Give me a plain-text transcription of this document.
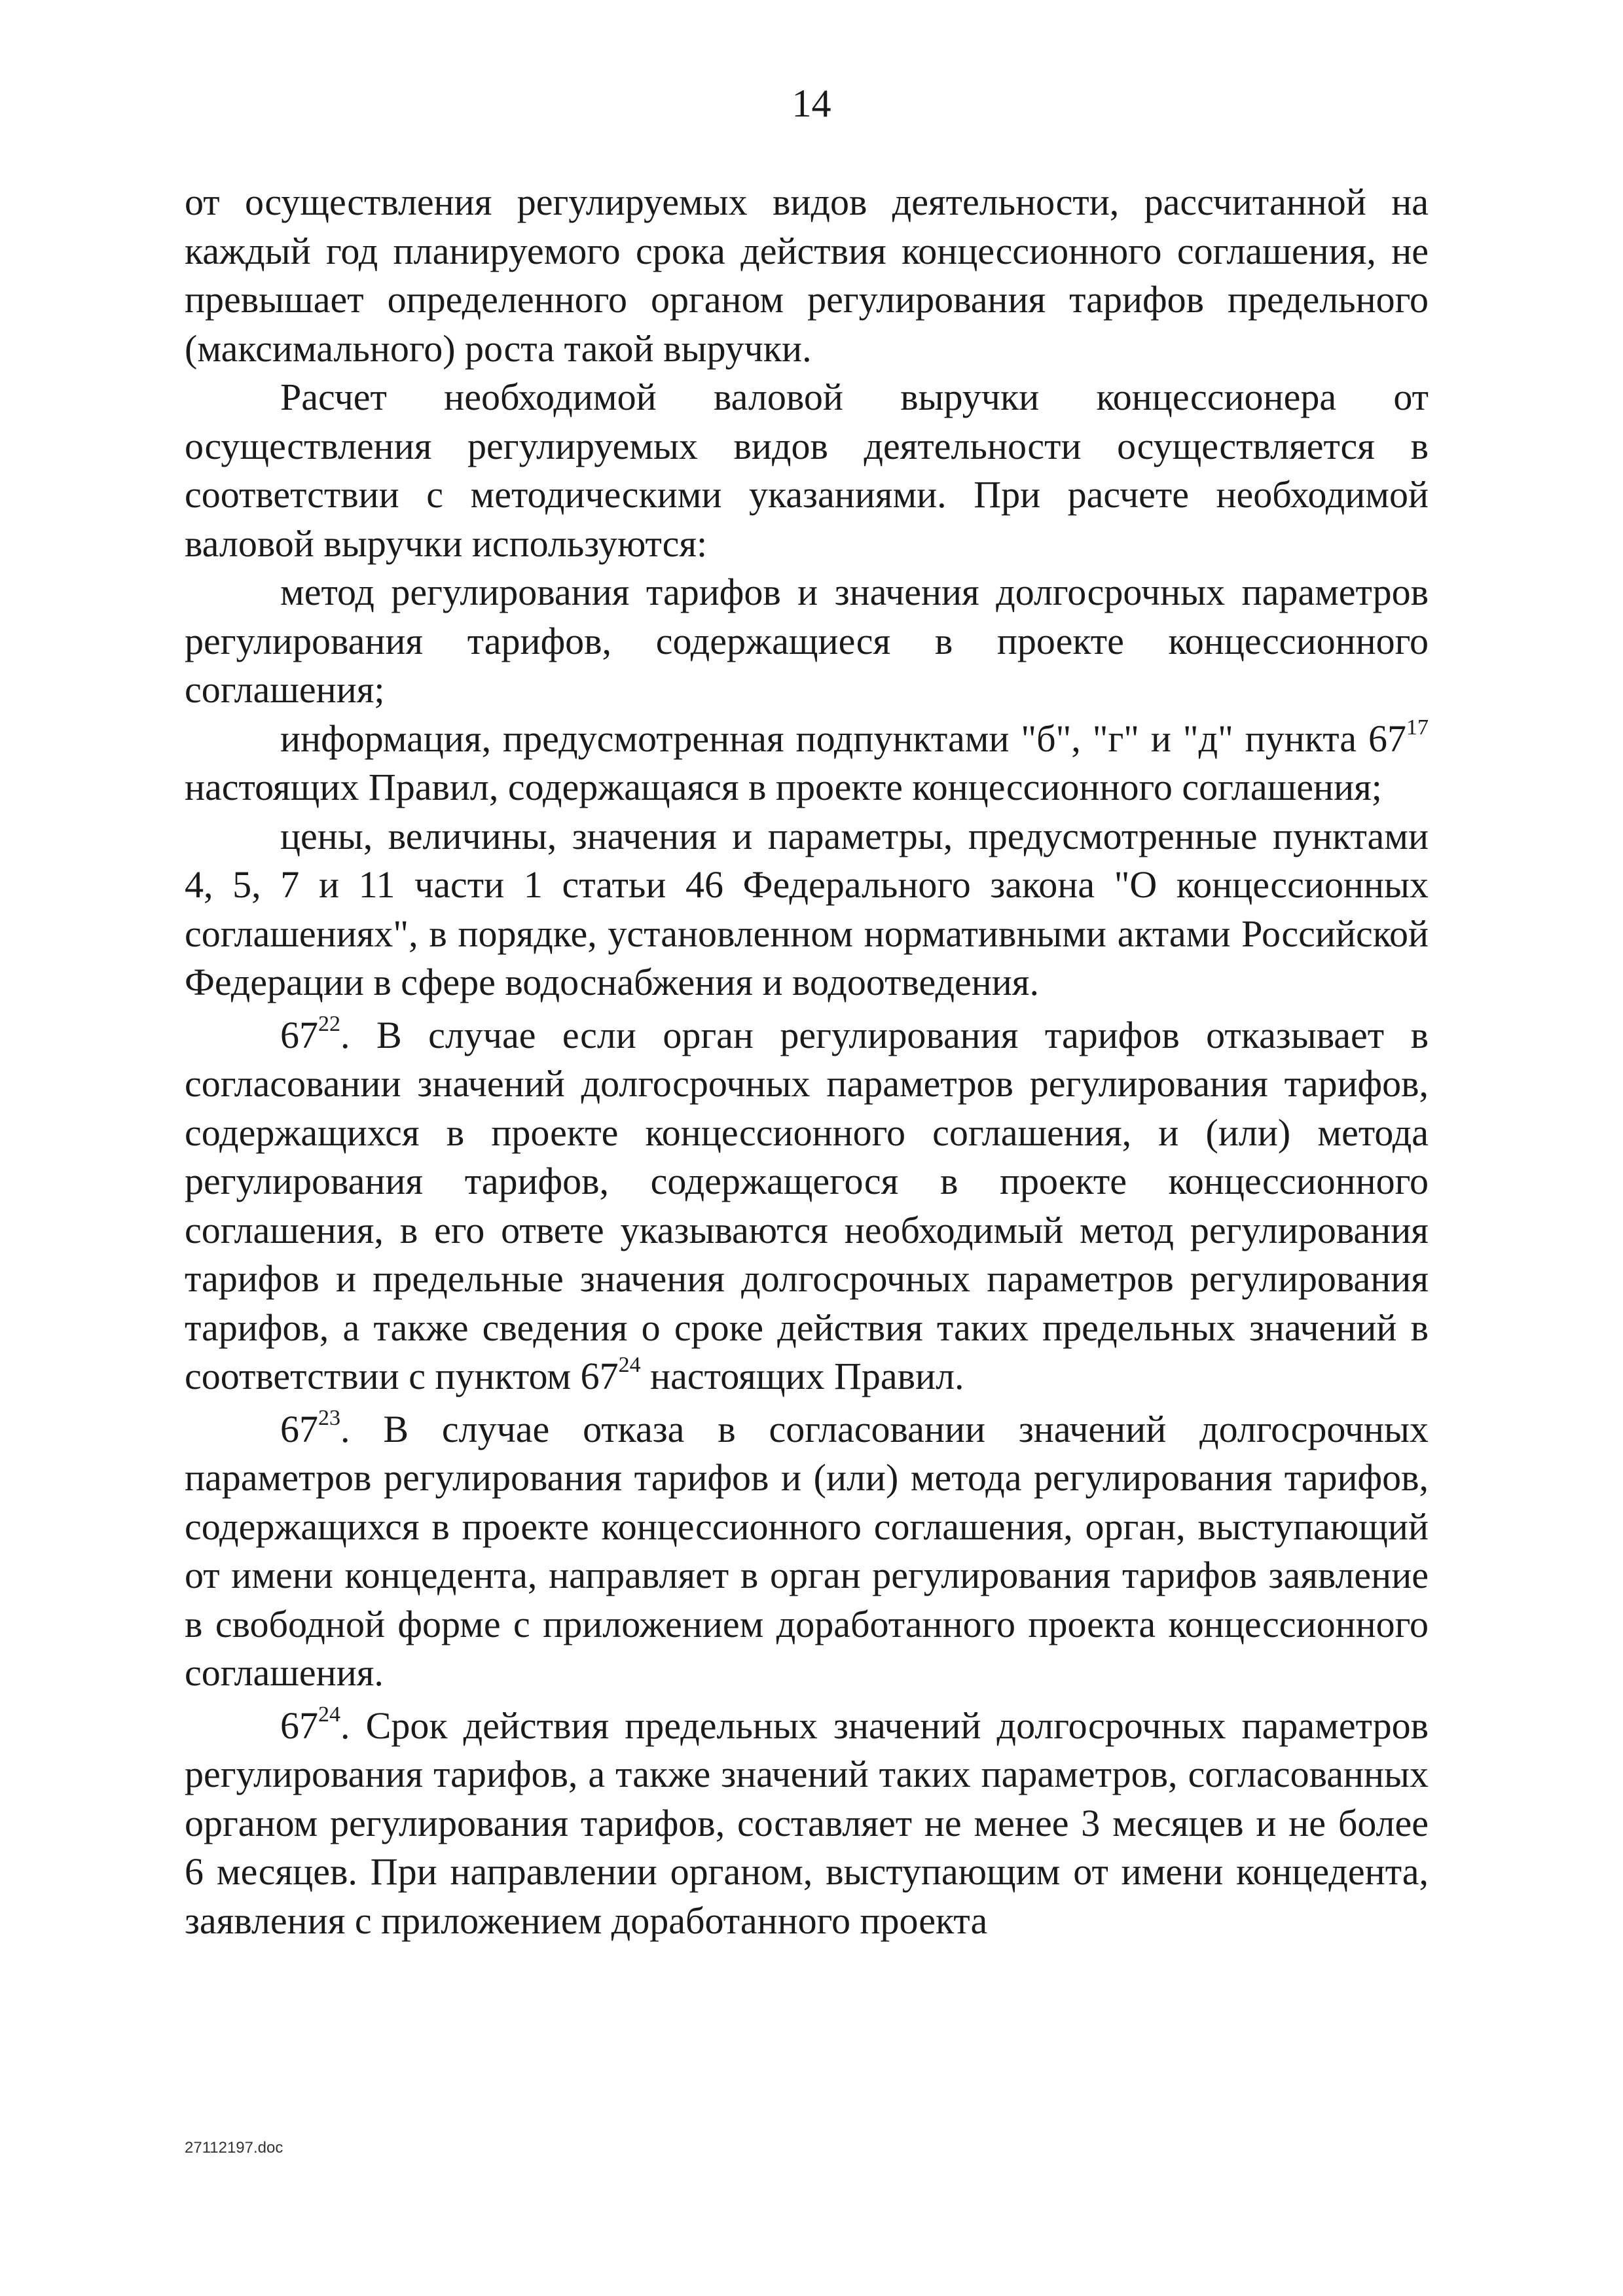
14

от осуществления регулируемых видов деятельности, рассчитанной на каждый год планируемого срока действия концессионного соглашения, не превышает определенного органом регулирования тарифов предельного (максимального) роста такой выручки.

Расчет необходимой валовой выручки концессионера от осуществления регулируемых видов деятельности осуществляется в соответствии с методическими указаниями. При расчете необходимой валовой выручки используются:

метод регулирования тарифов и значения долгосрочных параметров регулирования тарифов, содержащиеся в проекте концессионного соглашения;

информация, предусмотренная подпунктами "б", "г" и "д" пункта $67^{17}$ настоящих Правил, содержащаяся в проекте концессионного соглашения;

цены, величины, значения и параметры, предусмотренные пунктами 4, 5, 7 и 11 части 1 статьи 46 Федерального закона "О концессионных соглашениях", в порядке, установленном нормативными актами Российской Федерации в сфере водоснабжения и водоотведения.

$67^{22}$. В случае если орган регулирования тарифов отказывает в согласовании значений долгосрочных параметров регулирования тарифов, содержащихся в проекте концессионного соглашения, и (или) метода регулирования тарифов, содержащегося в проекте концессионного соглашения, в его ответе указываются необходимый метод регулирования тарифов и предельные значения долгосрочных параметров регулирования тарифов, а также сведения о сроке действия таких предельных значений в соответствии с пунктом $67^{24}$ настоящих Правил.

$67^{23}$. В случае отказа в согласовании значений долгосрочных параметров регулирования тарифов и (или) метода регулирования тарифов, содержащихся в проекте концессионного соглашения, орган, выступающий от имени концедента, направляет в орган регулирования тарифов заявление в свободной форме с приложением доработанного проекта концессионного соглашения.

$67^{24}$. Срок действия предельных значений долгосрочных параметров регулирования тарифов, а также значений таких параметров, согласованных органом регулирования тарифов, составляет не менее 3 месяцев и не более 6 месяцев. При направлении органом, выступающим от имени концедента, заявления с приложением доработанного проекта

27112197.doc
